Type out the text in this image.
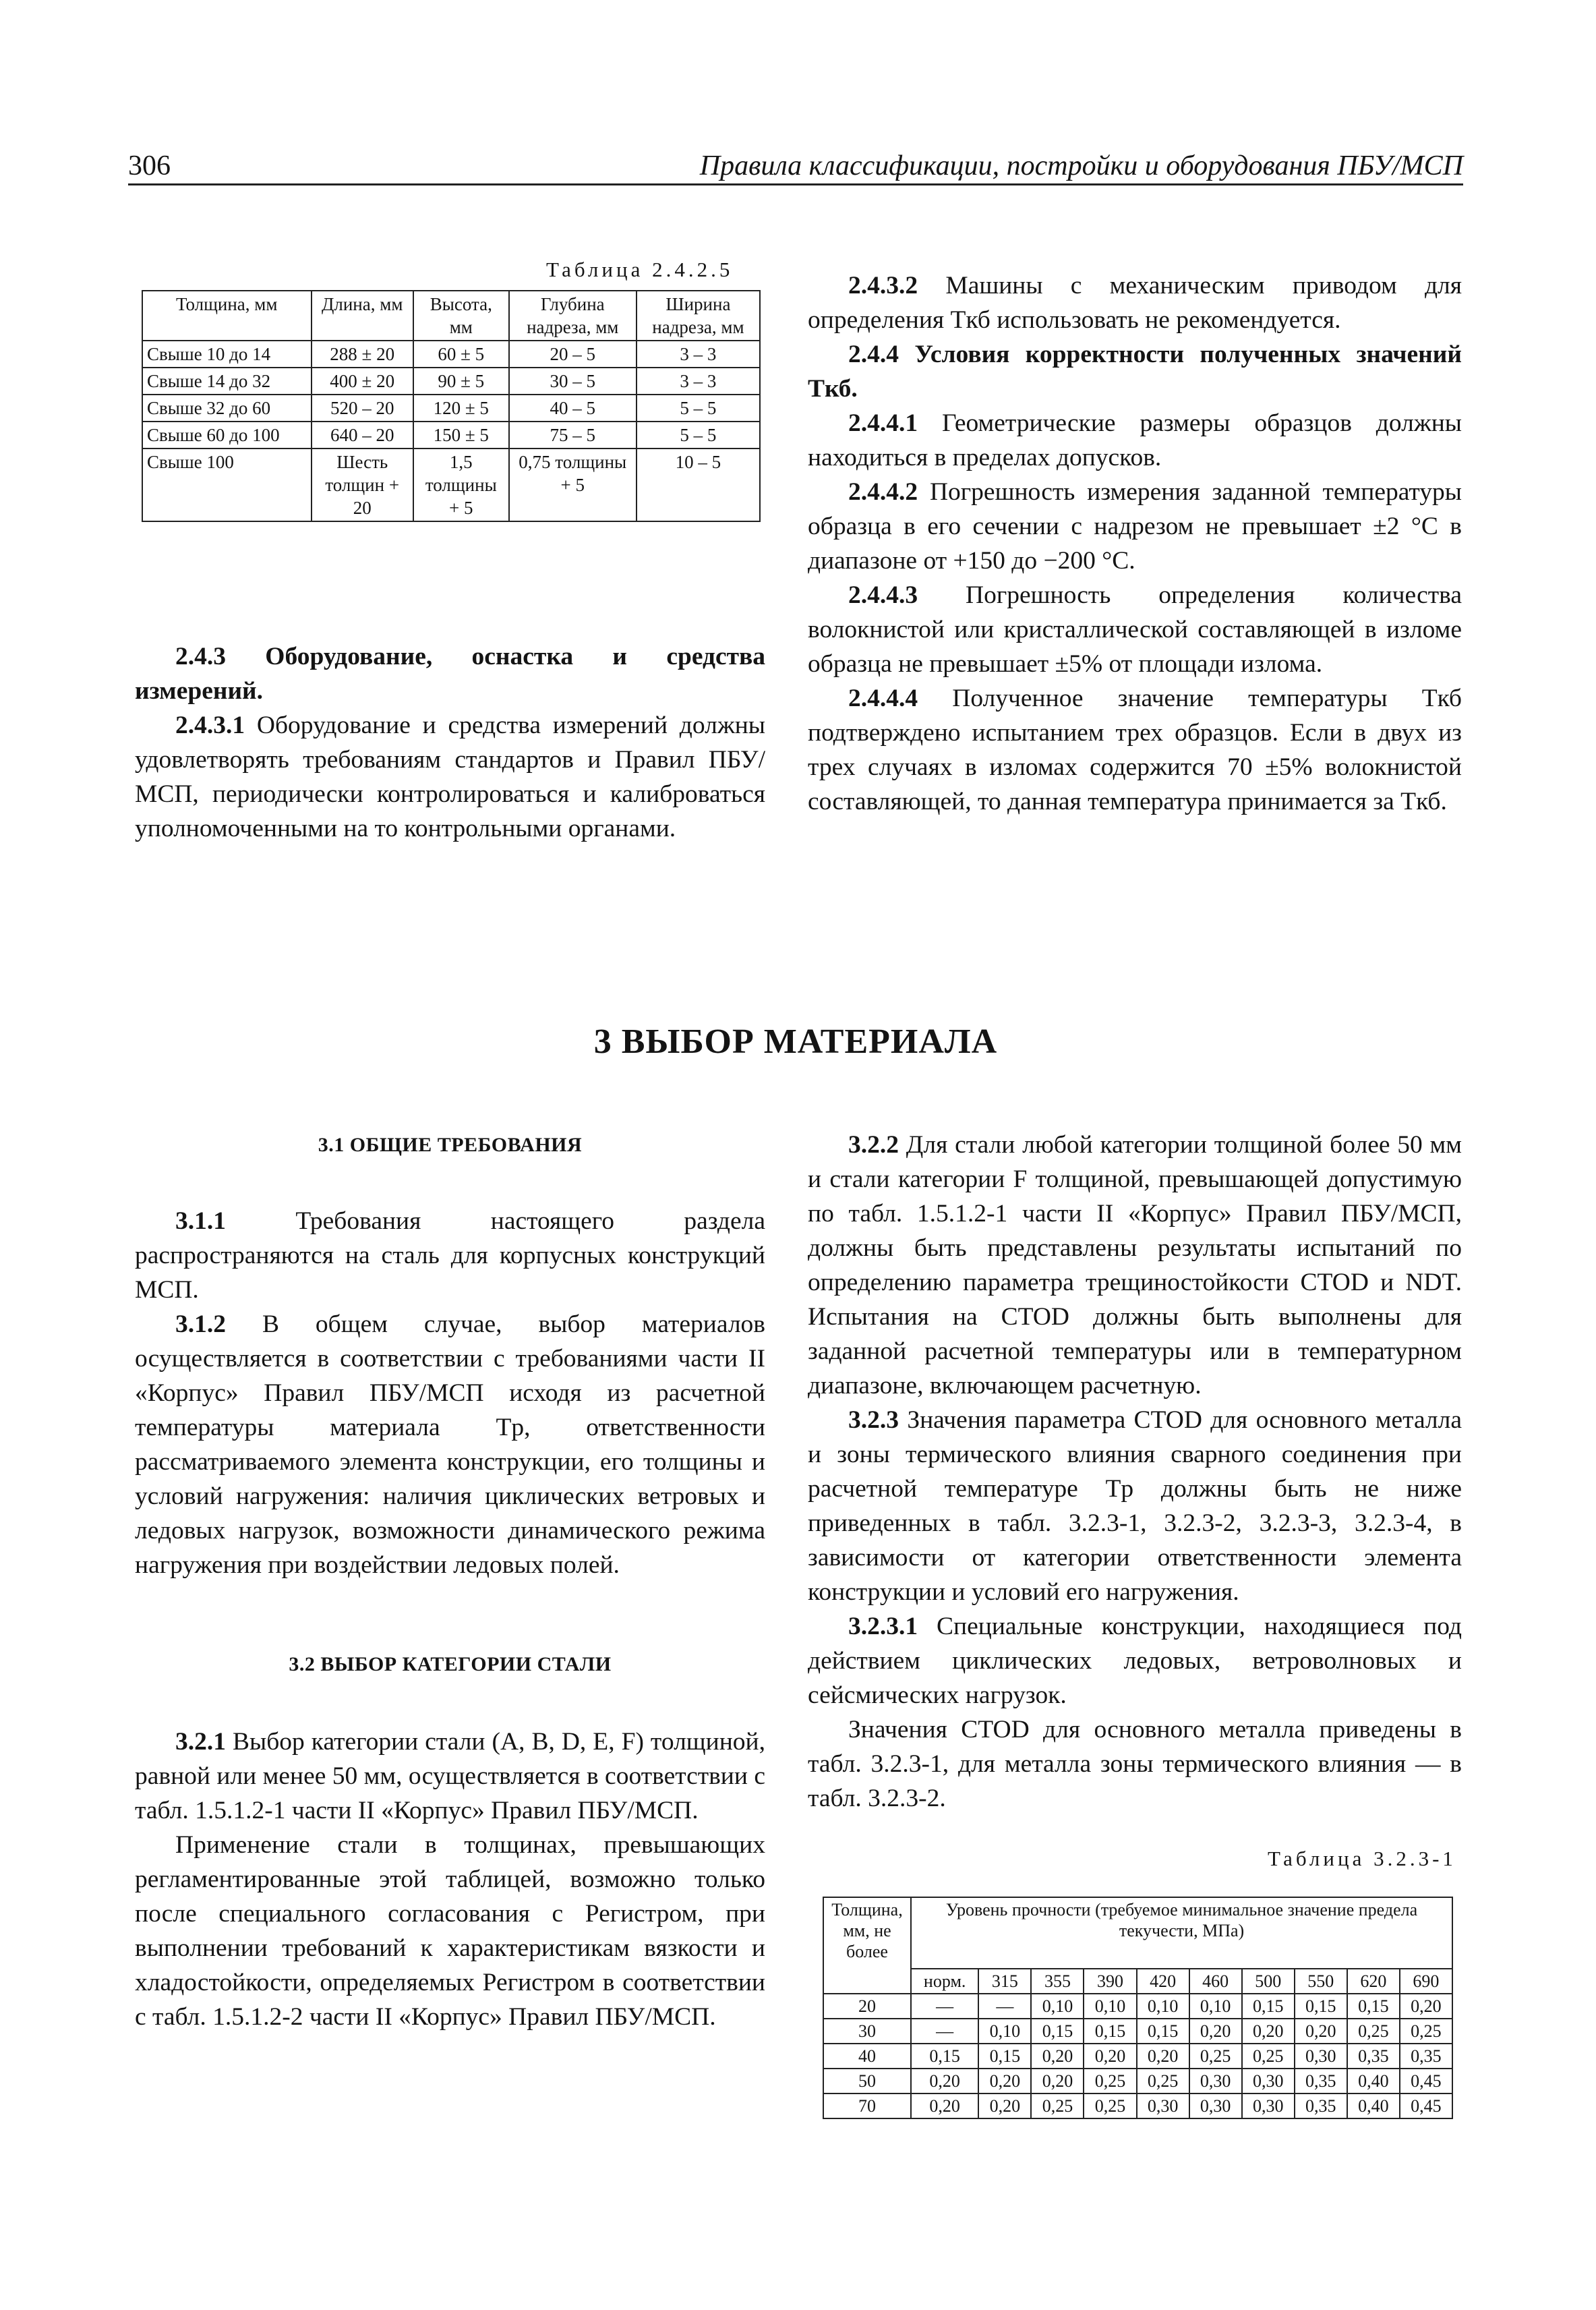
306	Правила классификации, постройки и оборудования ПБУ/МСП
Таблица 2.4.2.5
Толщина, мм	Длина, мм	Высота, мм	Глубина надреза, мм	Ширина надреза, мм
Свыше 10 до 14	288 ± 20	60 ± 5	20 – 5	3 – 3
Свыше 14 до 32	400 ± 20	90 ± 5	30 – 5	3 – 3
Свыше 32 до 60	520 – 20	120 ± 5	40 – 5	5 – 5
Свыше 60 до 100	640 – 20	150 ± 5	75 – 5	5 – 5
Свыше 100	Шесть толщин + 20	1,5 толщины + 5	0,75 толщины + 5	10 – 5

2.4.3 Оборудование, оснастка и средства измерений.

2.4.3.1 Оборудование и средства измерений должны удовлетворять требованиям стандартов и Правил ПБУ/МСП, периодически контролироваться и калиброваться уполномоченными на то контрольными органами.

2.4.3.2 Машины с механическим приводом для определения Tкб использовать не рекомендуется.

2.4.4 Условия корректности полученных значений Tкб.

2.4.4.1 Геометрические размеры образцов должны находиться в пределах допусков.

2.4.4.2 Погрешность измерения заданной температуры образца в его сечении с надрезом не превышает ±2 °C в диапазоне от +150 до −200 °C.

2.4.4.3 Погрешность определения количества волокнистой или кристаллической составляющей в изломе образца не превышает ±5% от площади излома.

2.4.4.4 Полученное значение температуры Tкб подтверждено испытанием трех образцов. Если в двух из трех случаях в изломах содержится 70 ±5% волокнистой составляющей, то данная температура принимается за Tкб.

3 ВЫБОР МАТЕРИАЛА
3.1 ОБЩИЕ ТРЕБОВАНИЯ

3.1.1	Требования настоящего раздела распространяются на сталь для корпусных конструкций МСП.

3.1.2 В общем случае, выбор материалов осуществляется в соответствии с требованиями части II «Корпус» Правил ПБУ/МСП исходя из расчетной температуры материала Tр, ответственности рассматриваемого элемента конструкции, его толщины и условий нагружения: наличия циклических ветровых и ледовых нагрузок, возможности динамического режима нагружения при воздействии ледовых полей.

3.2 ВЫБОР КАТЕГОРИИ СТАЛИ

3.2.1 Выбор категории стали (A, B, D, E, F) толщиной, равной или менее 50 мм, осуществляется в соответствии с табл. 1.5.1.2-1 части II «Корпус» Правил ПБУ/МСП.

Применение стали в толщинах, превышающих регламентированные этой таблицей, возможно только после специального согласования с Регистром, при выполнении требований к характеристикам вязкости и хладостойкости, определяемых Регистром в соответствии с табл. 1.5.1.2-2 части II «Корпус» Правил ПБУ/МСП.

3.2.2 Для стали любой категории толщиной более 50 мм и стали категории F толщиной, превышающей допустимую по табл. 1.5.1.2-1 части II «Корпус» Правил ПБУ/МСП, должны быть представлены результаты испытаний по определению параметра трещиностойкости CTOD и NDT. Испытания на CTOD должны быть выполнены для заданной расчетной температуры или в температурном диапазоне, включающем расчетную.

3.2.3 Значения параметра CTOD для основного металла и зоны термического влияния сварного соединения при расчетной температуре Tр должны быть не ниже приведенных в табл. 3.2.3-1, 3.2.3-2, 3.2.3-3, 3.2.3-4, в зависимости от категории ответственности элемента конструкции и условий его нагружения.

3.2.3.1 Специальные конструкции, находящиеся под действием циклических ледовых, ветроволновых и сейсмических нагрузок.

Значения CTOD для основного металла приведены в табл. 3.2.3-1, для металла зоны термического влияния — в табл. 3.2.3-2.

Таблица 3.2.3-1
Толщина, мм, не более	Уровень прочности (требуемое минимальное значение предела текучести, МПа)									
	норм.	315	355	390	420	460	500	550	620	690
20	—	—	0,10	0,10	0,10	0,10	0,15	0,15	0,15	0,20
30	—	0,10	0,15	0,15	0,15	0,20	0,20	0,20	0,25	0,25
40	0,15	0,15	0,20	0,20	0,20	0,25	0,25	0,30	0,35	0,35
50	0,20	0,20	0,20	0,25	0,25	0,30	0,30	0,35	0,40	0,45
70	0,20	0,20	0,25	0,25	0,30	0,30	0,30	0,35	0,40	0,45
